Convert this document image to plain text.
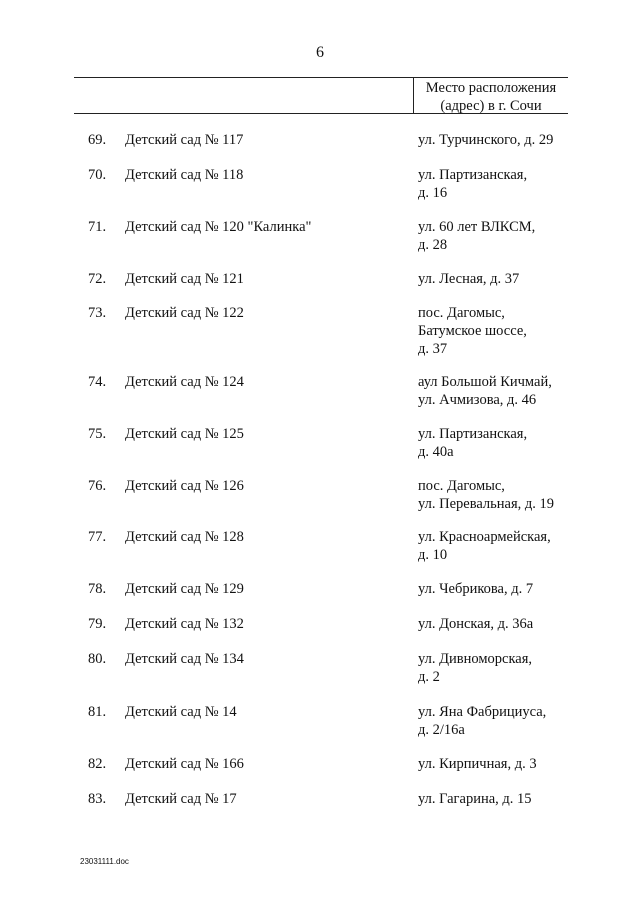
6
Место расположения
(адрес) в г. Сочи
69.	Детский сад № 117	ул. Турчинского, д. 29
70.	Детский сад № 118	ул. Партизанская,
д. 16
71.	Детский сад № 120 "Калинка"	ул. 60 лет ВЛКСМ,
д. 28
72.	Детский сад № 121	ул. Лесная, д. 37
73.	Детский сад № 122	пос. Дагомыс,
Батумское шоссе,
д. 37
74.	Детский сад № 124	аул Большой Кичмай,
ул. Ачмизова, д. 46
75.	Детский сад № 125	ул. Партизанская,
д. 40а
76.	Детский сад № 126	пос. Дагомыс,
ул. Перевальная, д. 19
77.	Детский сад № 128	ул. Красноармейская,
д. 10
78.	Детский сад № 129	ул. Чебрикова, д. 7
79.	Детский сад № 132	ул. Донская, д. 36а
80.	Детский сад № 134	ул. Дивноморская,
д. 2
81.	Детский сад № 14	ул. Яна Фабрициуса,
д. 2/16а
82.	Детский сад № 166	ул. Кирпичная, д. 3
83.	Детский сад № 17	ул. Гагарина, д. 15
23031111.doc
